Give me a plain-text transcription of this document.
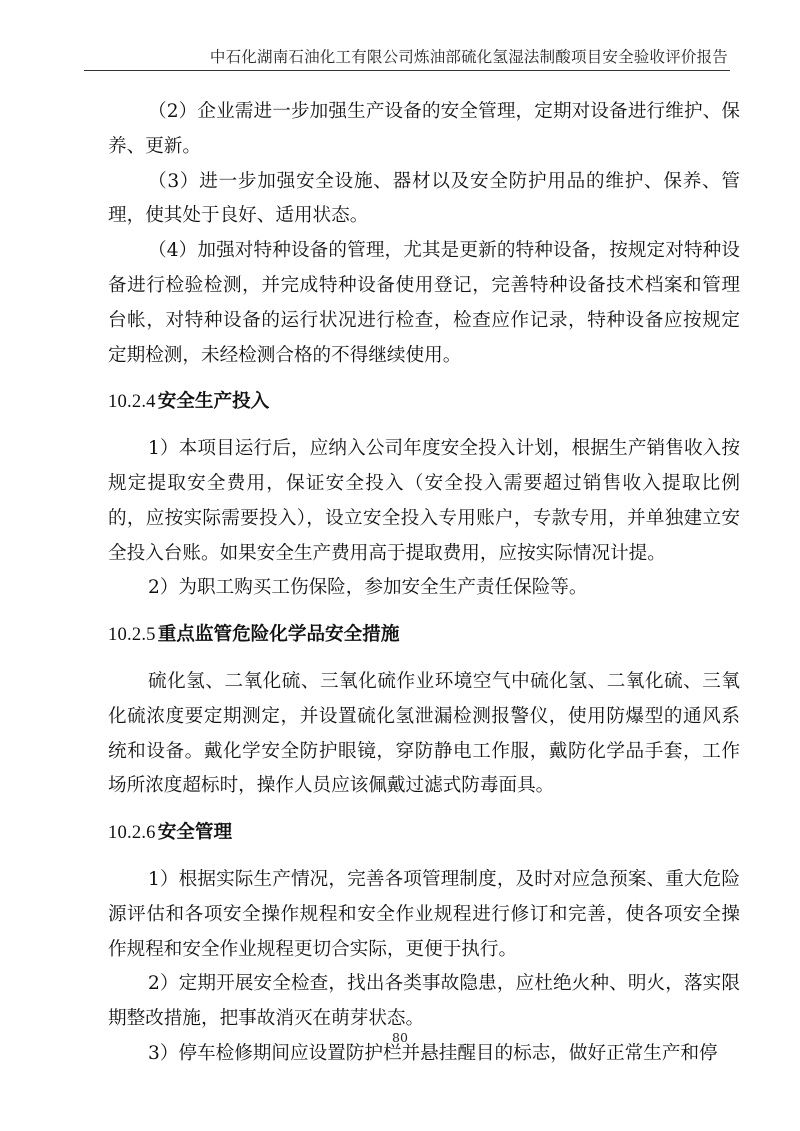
中石化湖南石油化工有限公司炼油部硫化氢湿法制酸项目安全验收评价报告

（2）企业需进一步加强生产设备的安全管理，定期对设备进行维护、保养、更新。

（3）进一步加强安全设施、器材以及安全防护用品的维护、保养、管理，使其处于良好、适用状态。

（4）加强对特种设备的管理，尤其是更新的特种设备，按规定对特种设备进行检验检测，并完成特种设备使用登记，完善特种设备技术档案和管理台帐，对特种设备的运行状况进行检查，检查应作记录，特种设备应按规定定期检测，未经检测合格的不得继续使用。

10.2.4 安全生产投入

1）本项目运行后，应纳入公司年度安全投入计划，根据生产销售收入按规定提取安全费用，保证安全投入（安全投入需要超过销售收入提取比例的，应按实际需要投入），设立安全投入专用账户，专款专用，并单独建立安全投入台账。如果安全生产费用高于提取费用，应按实际情况计提。

2）为职工购买工伤保险，参加安全生产责任保险等。

10.2.5 重点监管危险化学品安全措施

硫化氢、二氧化硫、三氧化硫作业环境空气中硫化氢、二氧化硫、三氧化硫浓度要定期测定，并设置硫化氢泄漏检测报警仪，使用防爆型的通风系统和设备。戴化学安全防护眼镜，穿防静电工作服，戴防化学品手套，工作场所浓度超标时，操作人员应该佩戴过滤式防毒面具。

10.2.6 安全管理

1）根据实际生产情况，完善各项管理制度，及时对应急预案、重大危险源评估和各项安全操作规程和安全作业规程进行修订和完善，使各项安全操作规程和安全作业规程更切合实际，更便于执行。

2）定期开展安全检查，找出各类事故隐患，应杜绝火种、明火，落实限期整改措施，把事故消灭在萌芽状态。

3）停车检修期间应设置防护栏并悬挂醒目的标志，做好正常生产和停

80
